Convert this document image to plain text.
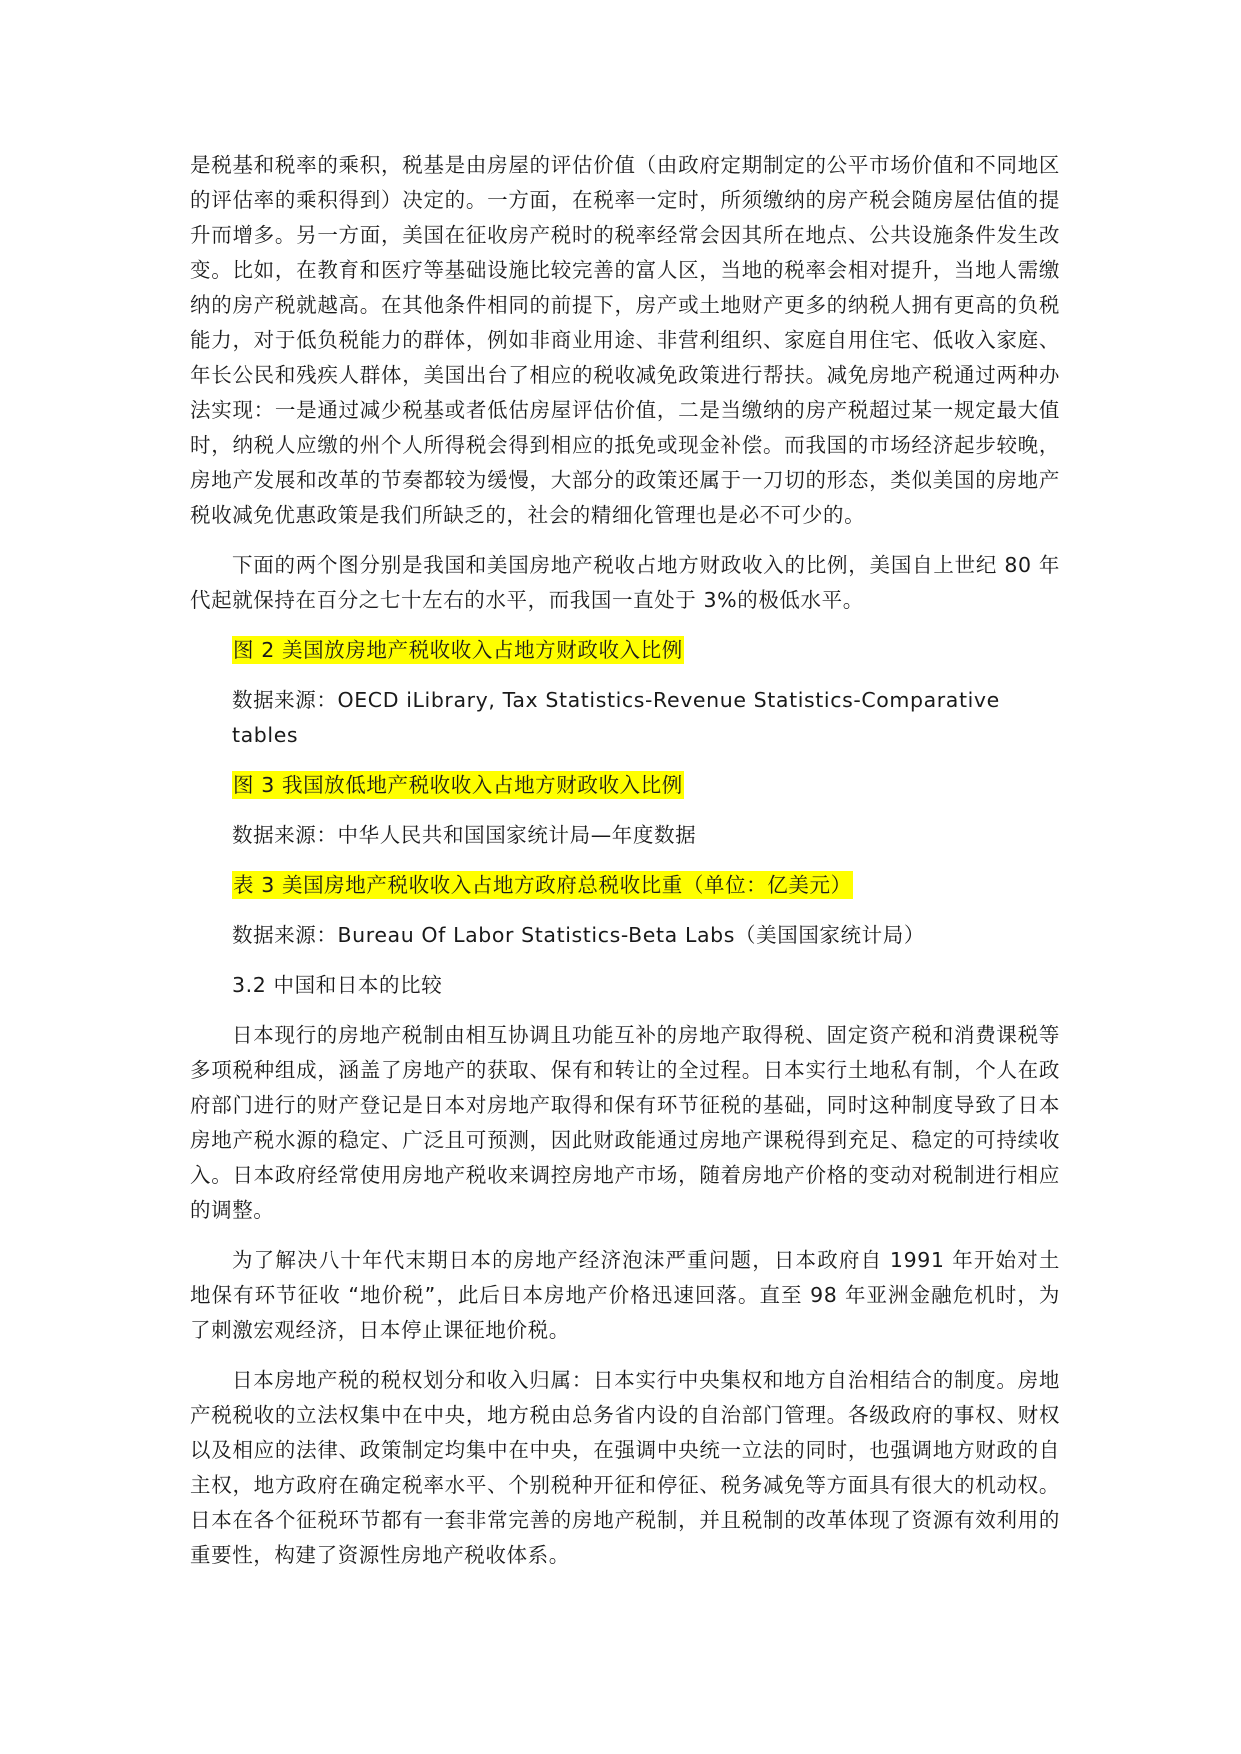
是税基和税率的乘积，税基是由房屋的评估价值（由政府定期制定的公平市场价值和不同地区的评估率的乘积得到）决定的。一方面，在税率一定时，所须缴纳的房产税会随房屋估值的提升而增多。另一方面，美国在征收房产税时的税率经常会因其所在地点、公共设施条件发生改变。比如，在教育和医疗等基础设施比较完善的富人区，当地的税率会相对提升，当地人需缴纳的房产税就越高。在其他条件相同的前提下，房产或土地财产更多的纳税人拥有更高的负税能力，对于低负税能力的群体，例如非商业用途、非营利组织、家庭自用住宅、低收入家庭、年长公民和残疾人群体，美国出台了相应的税收减免政策进行帮扶。减免房地产税通过两种办法实现：一是通过减少税基或者低估房屋评估价值，二是当缴纳的房产税超过某一规定最大值时，纳税人应缴的州个人所得税会得到相应的抵免或现金补偿。而我国的市场经济起步较晚，房地产发展和改革的节奏都较为缓慢，大部分的政策还属于一刀切的形态，类似美国的房地产税收减免优惠政策是我们所缺乏的，社会的精细化管理也是必不可少的。

下面的两个图分别是我国和美国房地产税收占地方财政收入的比例，美国自上世纪 80 年代起就保持在百分之七十左右的水平，而我国一直处于 3%的极低水平。

图 2 美国放房地产税收收入占地方财政收入比例

数据来源：OECD iLibrary, Tax Statistics-Revenue Statistics-Comparative tables

图 3 我国放低地产税收收入占地方财政收入比例

数据来源：中华人民共和国国家统计局—年度数据

表 3 美国房地产税收收入占地方政府总税收比重（单位：亿美元）

数据来源：Bureau Of Labor Statistics-Beta Labs（美国国家统计局）

3.2 中国和日本的比较

日本现行的房地产税制由相互协调且功能互补的房地产取得税、固定资产税和消费课税等多项税种组成，涵盖了房地产的获取、保有和转让的全过程。日本实行土地私有制，个人在政府部门进行的财产登记是日本对房地产取得和保有环节征税的基础，同时这种制度导致了日本房地产税水源的稳定、广泛且可预测，因此财政能通过房地产课税得到充足、稳定的可持续收入。日本政府经常使用房地产税收来调控房地产市场，随着房地产价格的变动对税制进行相应的调整。

为了解决八十年代末期日本的房地产经济泡沫严重问题，日本政府自 1991 年开始对土地保有环节征收 “地价税”，此后日本房地产价格迅速回落。直至 98 年亚洲金融危机时，为了刺激宏观经济，日本停止课征地价税。

日本房地产税的税权划分和收入归属：日本实行中央集权和地方自治相结合的制度。房地产税税收的立法权集中在中央，地方税由总务省内设的自治部门管理。各级政府的事权、财权以及相应的法律、政策制定均集中在中央，在强调中央统一立法的同时，也强调地方财政的自主权，地方政府在确定税率水平、个别税种开征和停征、税务减免等方面具有很大的机动权。日本在各个征税环节都有一套非常完善的房地产税制，并且税制的改革体现了资源有效利用的重要性，构建了资源性房地产税收体系。
